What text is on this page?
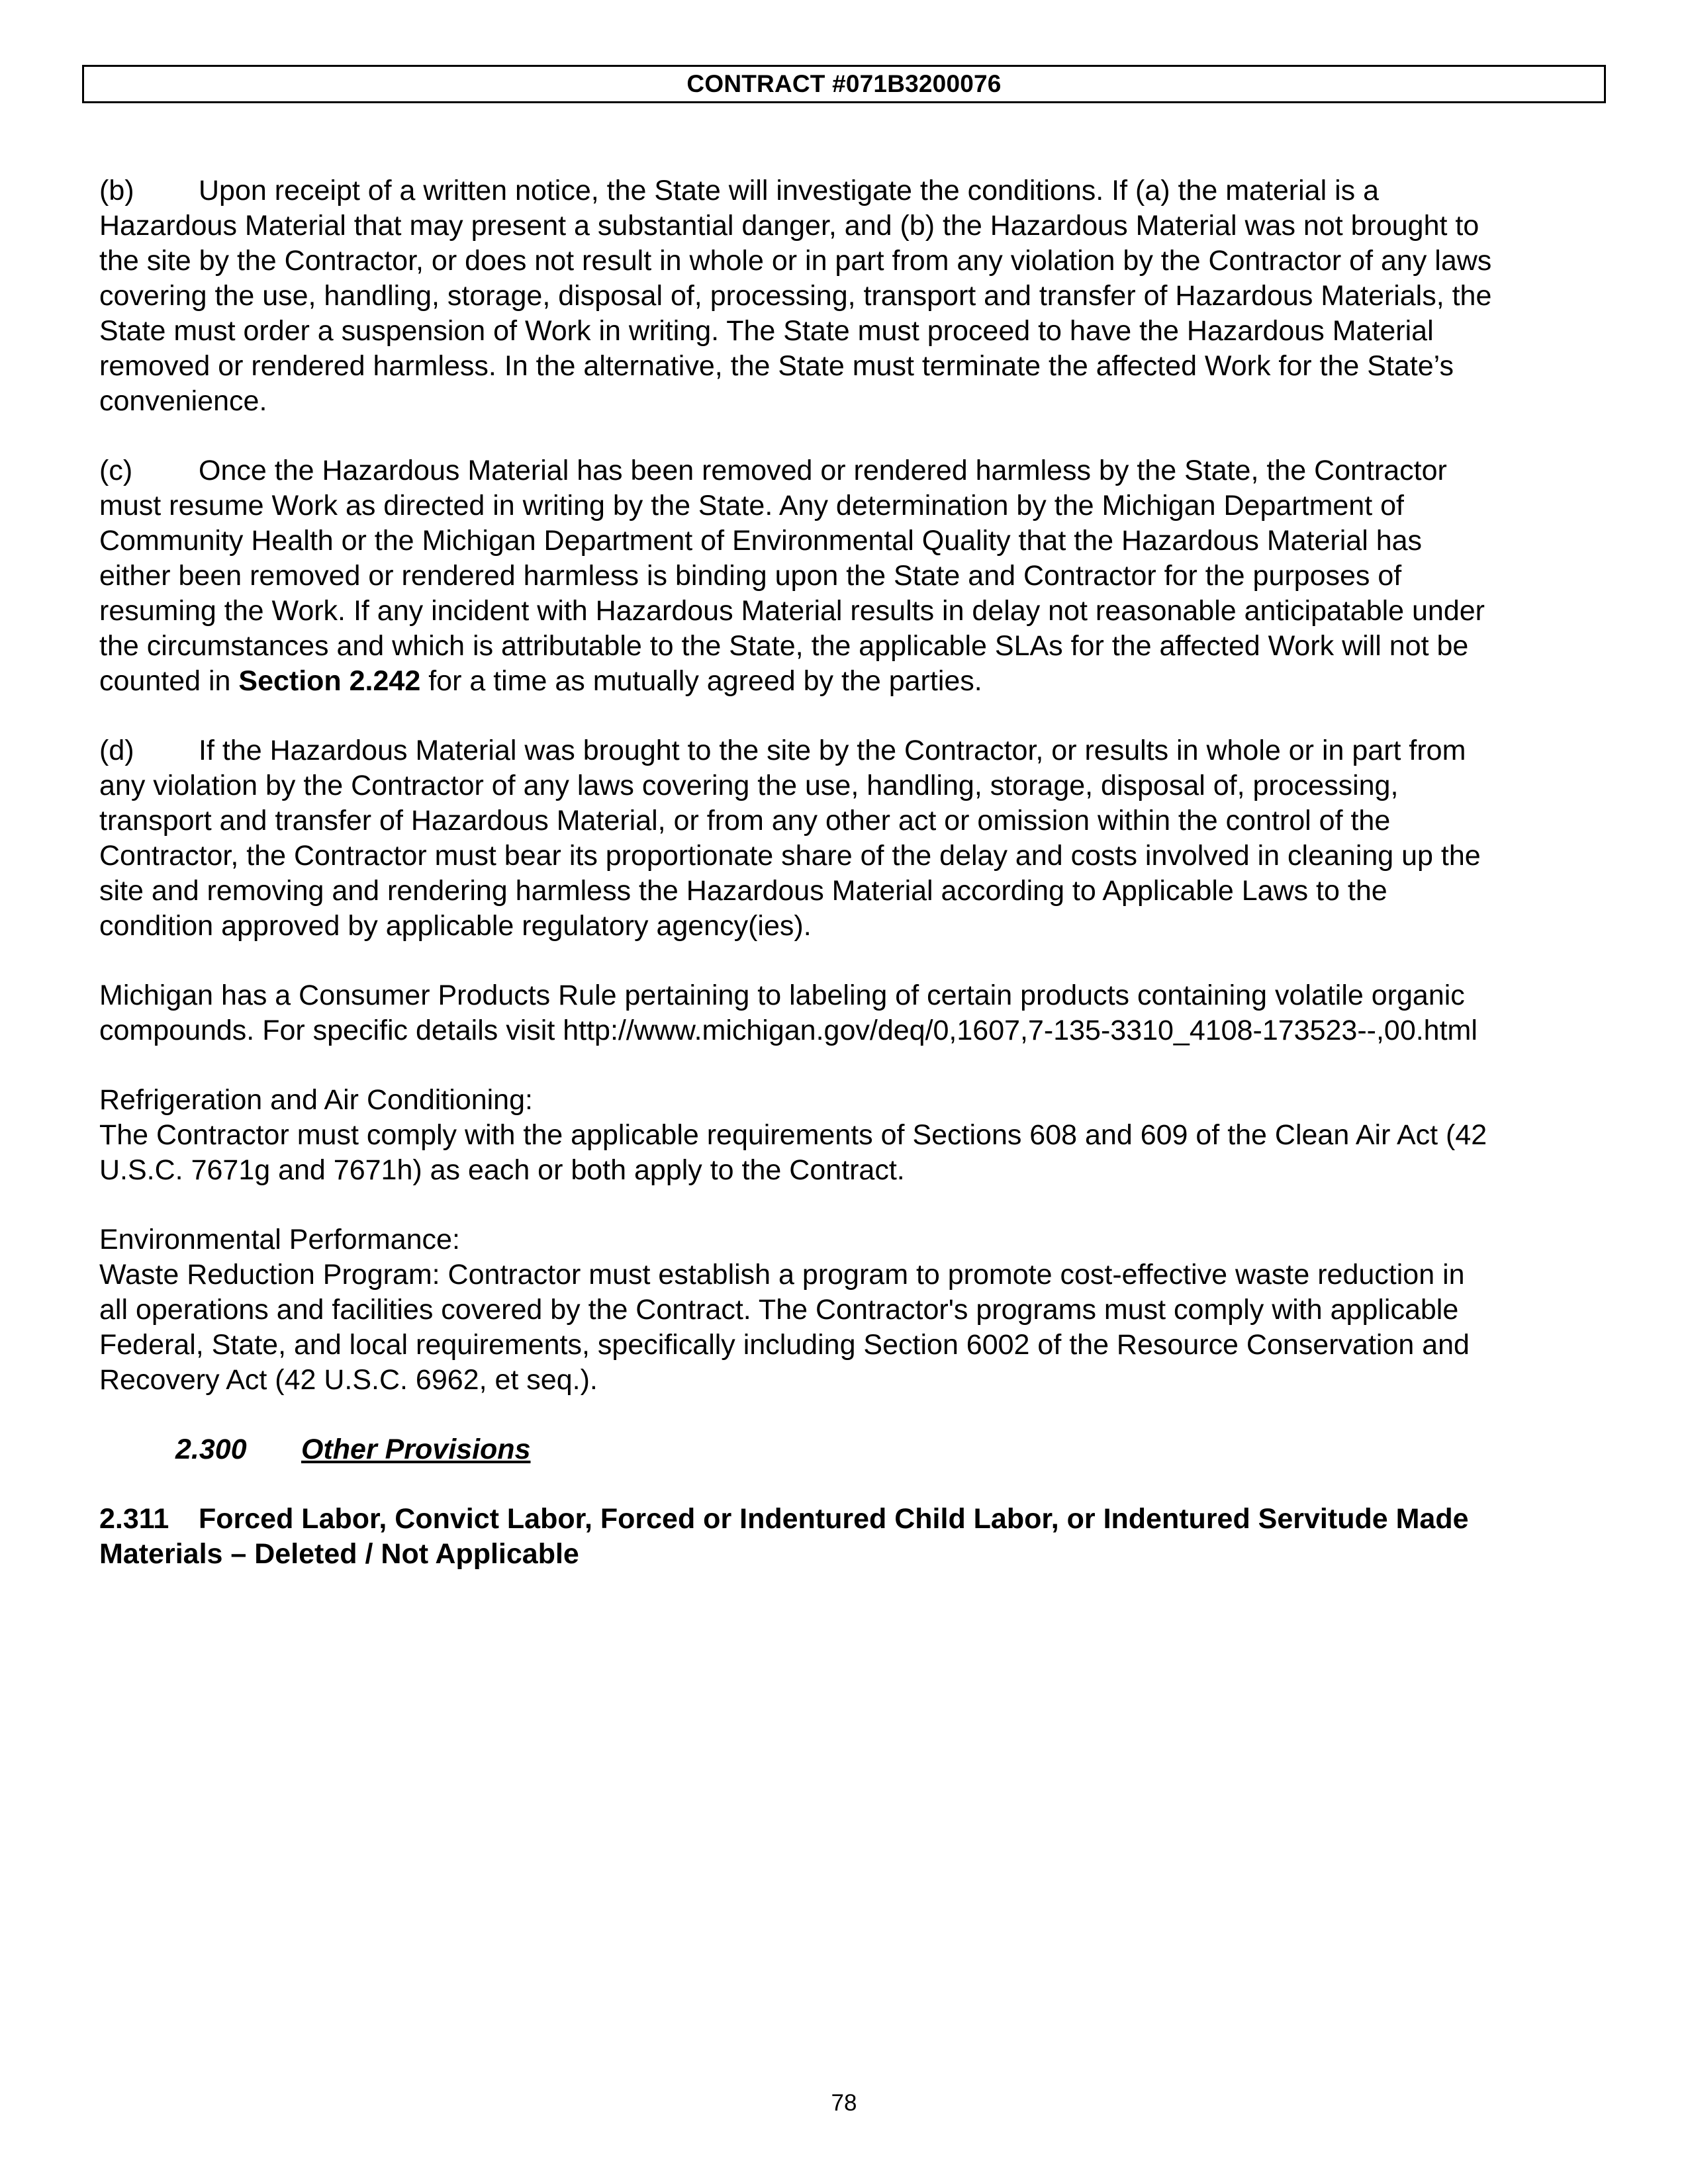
CONTRACT #071B3200076
(b) Upon receipt of a written notice, the State will investigate the conditions. If (a) the material is a
Hazardous Material that may present a substantial danger, and (b) the Hazardous Material was not brought to
the site by the Contractor, or does not result in whole or in part from any violation by the Contractor of any laws
covering the use, handling, storage, disposal of, processing, transport and transfer of Hazardous Materials, the
State must order a suspension of Work in writing. The State must proceed to have the Hazardous Material
removed or rendered harmless. In the alternative, the State must terminate the affected Work for the State’s
convenience.
(c) Once the Hazardous Material has been removed or rendered harmless by the State, the Contractor
must resume Work as directed in writing by the State. Any determination by the Michigan Department of
Community Health or the Michigan Department of Environmental Quality that the Hazardous Material has
either been removed or rendered harmless is binding upon the State and Contractor for the purposes of
resuming the Work. If any incident with Hazardous Material results in delay not reasonable anticipatable under
the circumstances and which is attributable to the State, the applicable SLAs for the affected Work will not be
counted in Section 2.242 for a time as mutually agreed by the parties.
(d) If the Hazardous Material was brought to the site by the Contractor, or results in whole or in part from
any violation by the Contractor of any laws covering the use, handling, storage, disposal of, processing,
transport and transfer of Hazardous Material, or from any other act or omission within the control of the
Contractor, the Contractor must bear its proportionate share of the delay and costs involved in cleaning up the
site and removing and rendering harmless the Hazardous Material according to Applicable Laws to the
condition approved by applicable regulatory agency(ies).
Michigan has a Consumer Products Rule pertaining to labeling of certain products containing volatile organic
compounds. For specific details visit http://www.michigan.gov/deq/0,1607,7-135-3310_4108-173523--,00.html
Refrigeration and Air Conditioning:
The Contractor must comply with the applicable requirements of Sections 608 and 609 of the Clean Air Act (42
U.S.C. 7671g and 7671h) as each or both apply to the Contract.
Environmental Performance:
Waste Reduction Program: Contractor must establish a program to promote cost-effective waste reduction in
all operations and facilities covered by the Contract. The Contractor's programs must comply with applicable
Federal, State, and local requirements, specifically including Section 6002 of the Resource Conservation and
Recovery Act (42 U.S.C. 6962, et seq.).
2.300 Other Provisions
2.311 Forced Labor, Convict Labor, Forced or Indentured Child Labor, or Indentured Servitude Made
Materials – Deleted / Not Applicable
78
